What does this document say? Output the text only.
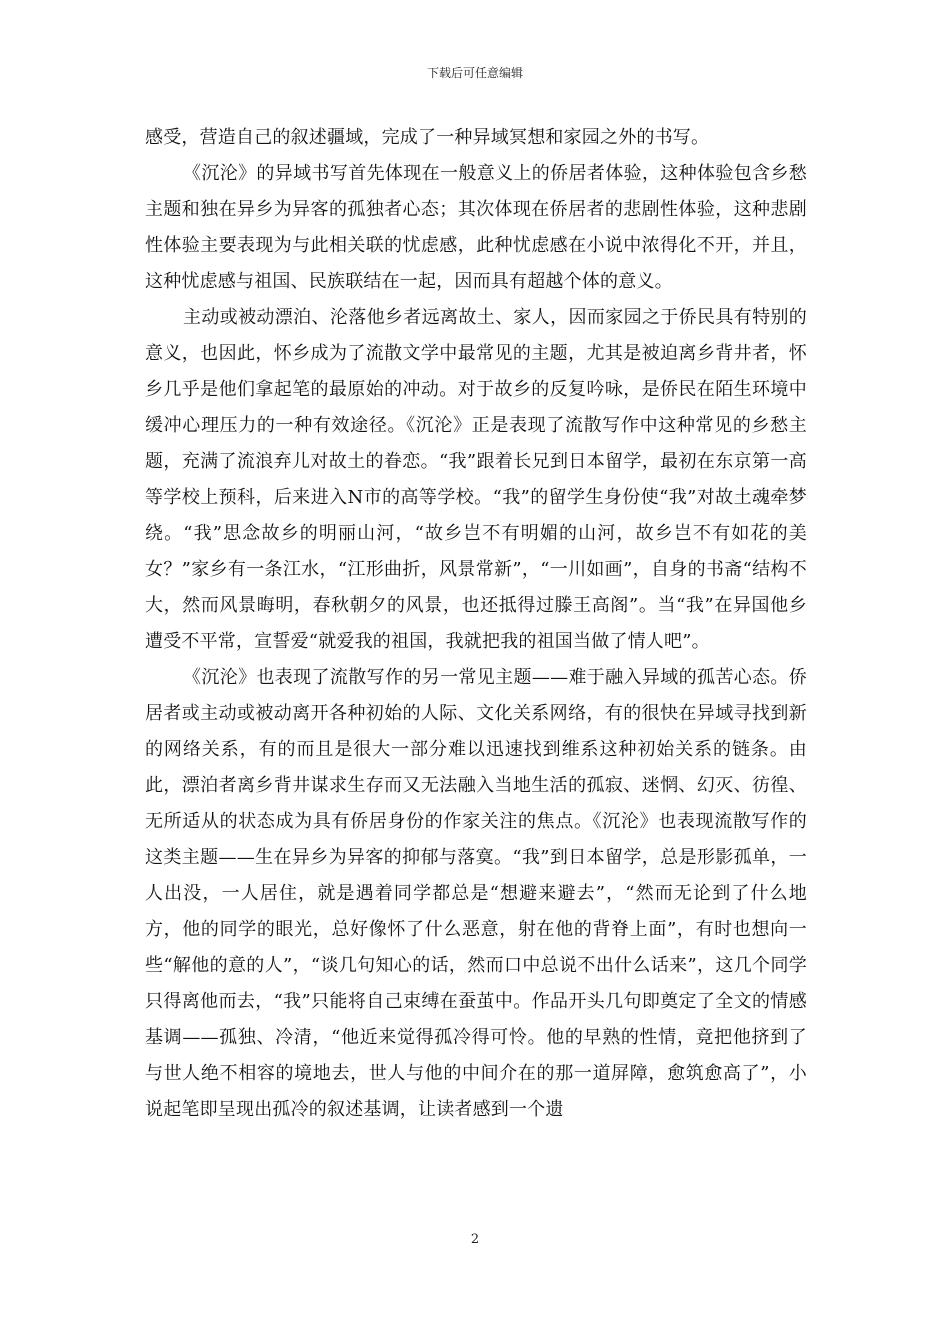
下载后可任意编辑

感受，营造自己的叙述疆域，完成了一种异域冥想和家园之外的书写。

《沉沦》的异域书写首先体现在一般意义上的侨居者体验，这种体验包含乡愁主题和独在异乡为异客的孤独者心态；其次体现在侨居者的悲剧性体验，这种悲剧性体验主要表现为与此相关联的忧虑感，此种忧虑感在小说中浓得化不开，并且，这种忧虑感与祖国、民族联结在一起，因而具有超越个体的意义。

主动或被动漂泊、沦落他乡者远离故土、家人，因而家园之于侨民具有特别的意义，也因此，怀乡成为了流散文学中最常见的主题，尤其是被迫离乡背井者，怀乡几乎是他们拿起笔的最原始的冲动。对于故乡的反复吟咏，是侨民在陌生环境中缓冲心理压力的一种有效途径。《沉沦》正是表现了流散写作中这种常见的乡愁主题，充满了流浪弃儿对故土的眷恋。“我”跟着长兄到日本留学，最初在东京第一高等学校上预科，后来进入N市的高等学校。“我”的留学生身份使“我”对故土魂牵梦绕。“我”思念故乡的明丽山河，“故乡岂不有明媚的山河，故乡岂不有如花的美女？”家乡有一条江水，“江形曲折，风景常新”，“一川如画”，自身的书斋“结构不大，然而风景晦明，春秋朝夕的风景，也还抵得过滕王高阁”。当“我”在异国他乡遭受不平常，宣誓爱“就爱我的祖国，我就把我的祖国当做了情人吧”。

《沉沦》也表现了流散写作的另一常见主题——难于融入异域的孤苦心态。侨居者或主动或被动离开各种初始的人际、文化关系网络，有的很快在异域寻找到新的网络关系，有的而且是很大一部分难以迅速找到维系这种初始关系的链条。由此，漂泊者离乡背井谋求生存而又无法融入当地生活的孤寂、迷惘、幻灭、彷徨、无所适从的状态成为具有侨居身份的作家关注的焦点。《沉沦》也表现流散写作的这类主题——生在异乡为异客的抑郁与落寞。“我”到日本留学，总是形影孤单，一人出没，一人居住，就是遇着同学都总是“想避来避去”，“然而无论到了什么地方，他的同学的眼光，总好像怀了什么恶意，射在他的背脊上面”，有时也想向一些“解他的意的人”，“谈几句知心的话，然而口中总说不出什么话来”，这几个同学只得离他而去，“我”只能将自己束缚在蚕茧中。作品开头几句即奠定了全文的情感基调——孤独、冷清，“他近来觉得孤冷得可怜。他的早熟的性情，竟把他挤到了与世人绝不相容的境地去，世人与他的中间介在的那一道屏障，愈筑愈高了”，小说起笔即呈现出孤冷的叙述基调，让读者感到一个遗

2
